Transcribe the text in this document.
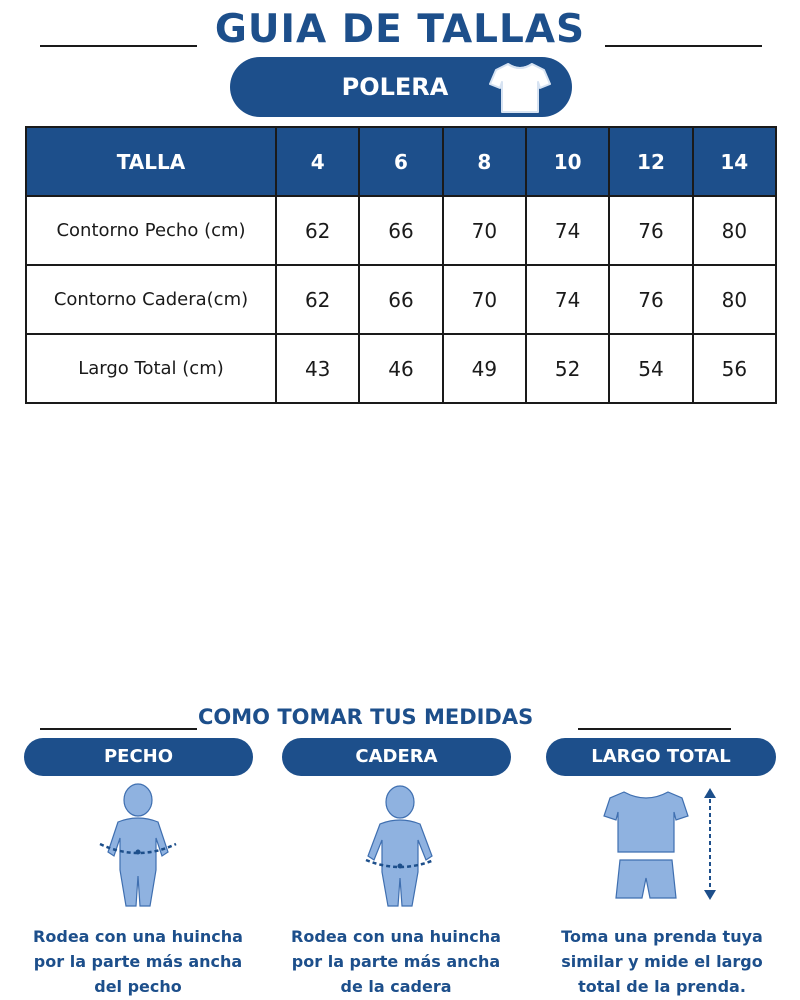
GUIA DE TALLAS
POLERA
TALLA	4	6	8	10	12	14
Contorno Pecho (cm)	62	66	70	74	76	80
Contorno Cadera(cm)	62	66	70	74	76	80
Largo Total (cm)	43	46	49	52	54	56
COMO TOMAR TUS MEDIDAS
PECHO	CADERA	LARGO TOTAL
Rodea con una huincha
por la parte más ancha
del pecho
Rodea con una huincha
por la parte más ancha
de la cadera
Toma una prenda tuya
similar y mide el largo
total de la prenda.
